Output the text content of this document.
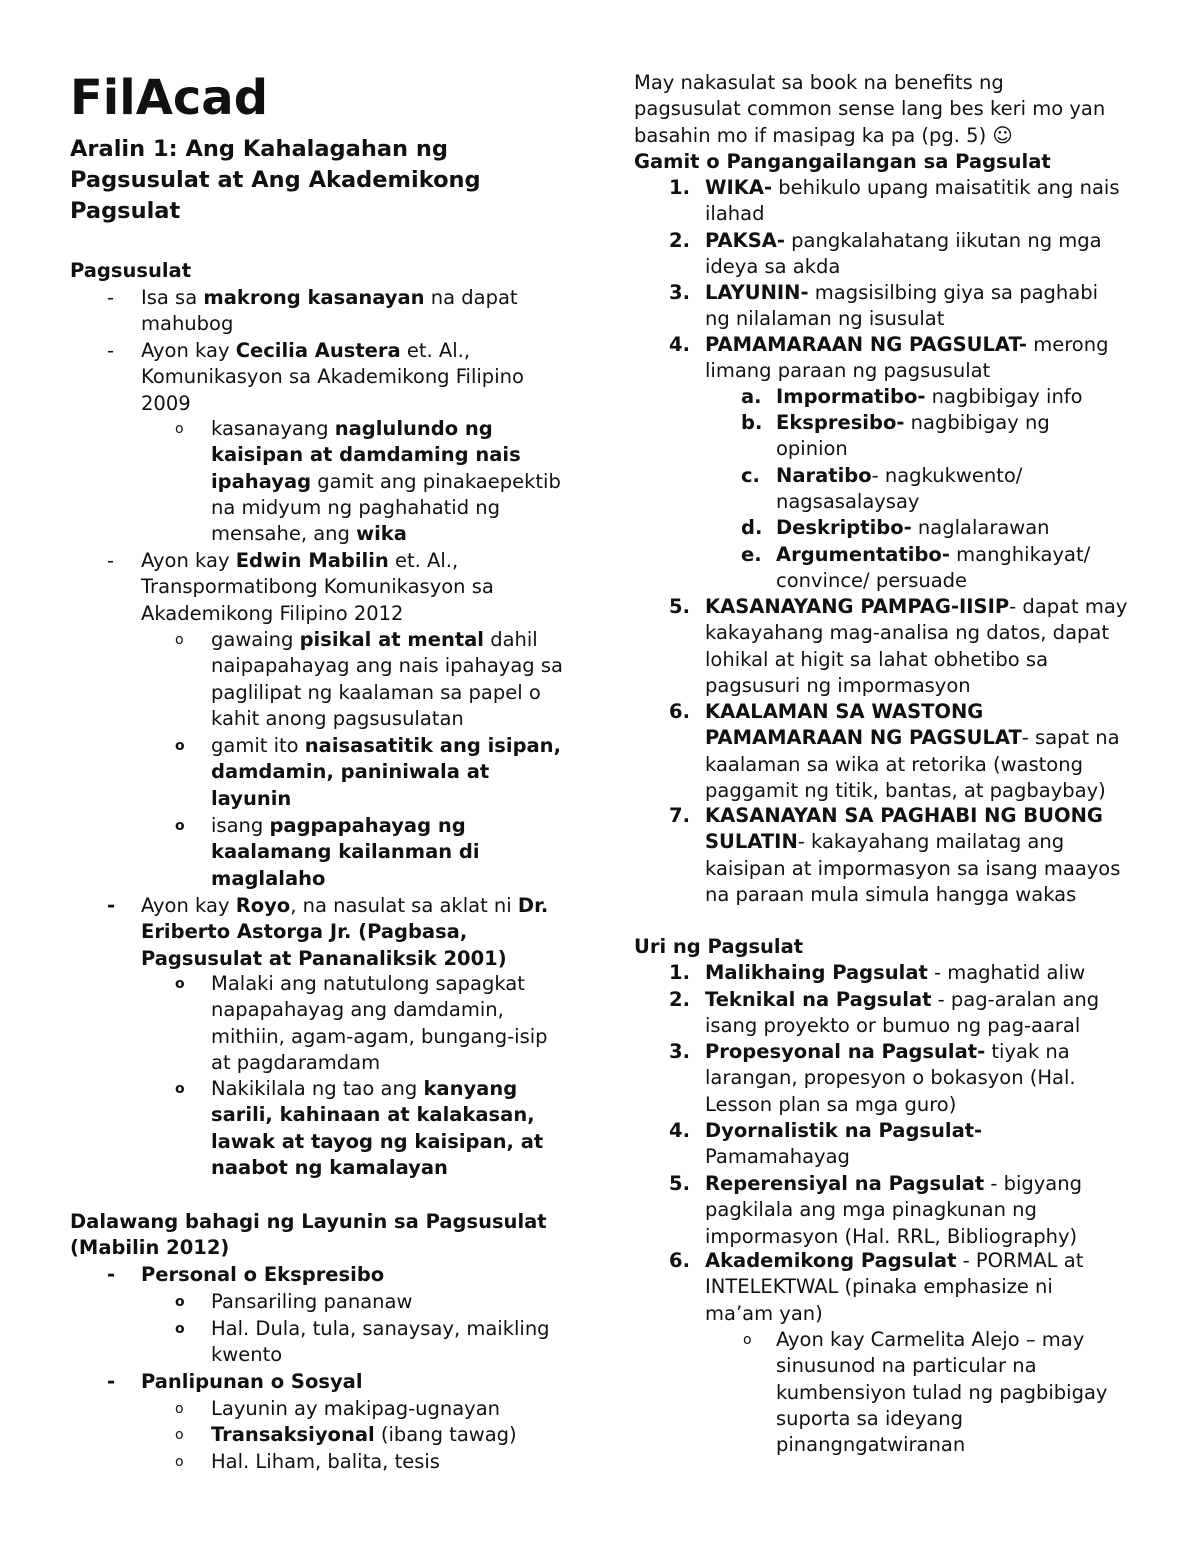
FilAcad
Aralin 1: Ang Kahalagahan ng Pagsusulat at Ang Akademikong Pagsulat
Pagsusulat
- Isa sa makrong kasanayan na dapat mahubog
- Ayon kay Cecilia Austera et. Al., Komunikasyon sa Akademikong Filipino 2009
o kasanayang naglulundo ng kaisipan at damdaming nais ipahayag gamit ang pinakaepektib na midyum ng paghahatid ng mensahe, ang wika
- Ayon kay Edwin Mabilin et. Al., Transpormatibong Komunikasyon sa Akademikong Filipino 2012
o gawaing pisikal at mental dahil naipapahayag ang nais ipahayag sa paglilipat ng kaalaman sa papel o kahit anong pagsusulatan
o gamit ito naisasatitik ang isipan, damdamin, paniniwala at layunin
o isang pagpapahayag ng kaalamang kailanman di maglalaho
- Ayon kay Royo, na nasulat sa aklat ni Dr. Eriberto Astorga Jr. (Pagbasa, Pagsusulat at Pananaliksik 2001)
o Malaki ang natutulong sapagkat napapahayag ang damdamin, mithiin, agam-agam, bungang-isip at pagdaramdam
o Nakikilala ng tao ang kanyang sarili, kahinaan at kalakasan, lawak at tayog ng kaisipan, at naabot ng kamalayan
Dalawang bahagi ng Layunin sa Pagsusulat (Mabilin 2012)
- Personal o Ekspresibo
o Pansariling pananaw
o Hal. Dula, tula, sanaysay, maikling kwento
- Panlipunan o Sosyal
o Layunin ay makipag-ugnayan
o Transaksiyonal (ibang tawag)
o Hal. Liham, balita, tesis
May nakasulat sa book na benefits ng pagsusulat common sense lang bes keri mo yan basahin mo if masipag ka pa (pg. 5) ☺
Gamit o Pangangailangan sa Pagsulat
1. WIKA- behikulo upang maisatitik ang nais ilahad
2. PAKSA- pangkalahatang iikutan ng mga ideya sa akda
3. LAYUNIN- magsisilbing giya sa paghabi ng nilalaman ng isusulat
4. PAMAMARAAN NG PAGSULAT- merong limang paraan ng pagsusulat
a. Impormatibo- nagbibigay info
b. Ekspresibo- nagbibigay ng opinion
c. Naratibo- nagkukwento/ nagsasalaysay
d. Deskriptibo- naglalarawan
e. Argumentatibo- manghikayat/ convince/ persuade
5. KASANAYANG PAMPAG-IISIP- dapat may kakayahang mag-analisa ng datos, dapat lohikal at higit sa lahat obhetibo sa pagsusuri ng impormasyon
6. KAALAMAN SA WASTONG PAMAMARAAN NG PAGSULAT- sapat na kaalaman sa wika at retorika (wastong paggamit ng titik, bantas, at pagbaybay)
7. KASANAYAN SA PAGHABI NG BUONG SULATIN- kakayahang mailatag ang kaisipan at impormasyon sa isang maayos na paraan mula simula hangga wakas
Uri ng Pagsulat
1. Malikhaing Pagsulat - maghatid aliw
2. Teknikal na Pagsulat - pag-aralan ang isang proyekto or bumuo ng pag-aaral
3. Propesyonal na Pagsulat- tiyak na larangan, propesyon o bokasyon (Hal. Lesson plan sa mga guro)
4. Dyornalistik na Pagsulat- Pamamahayag
5. Reperensiyal na Pagsulat - bigyang pagkilala ang mga pinagkunan ng impormasyon (Hal. RRL, Bibliography)
6. Akademikong Pagsulat - PORMAL at INTELEKTWAL (pinaka emphasize ni ma’am yan)
o Ayon kay Carmelita Alejo – may sinusunod na particular na kumbensiyon tulad ng pagbibigay suporta sa ideyang pinangngatwiranan
